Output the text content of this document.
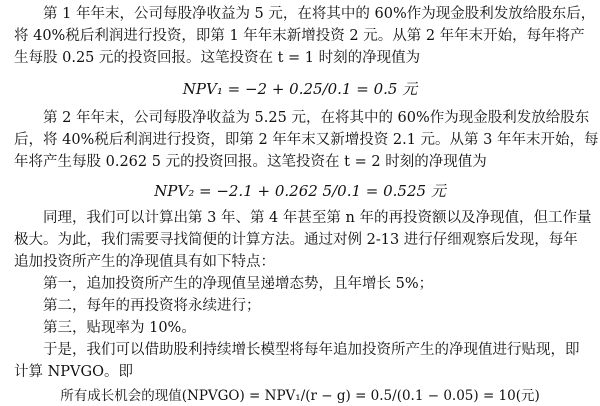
第 1 年年末，公司每股净收益为 5 元，在将其中的 60%作为现金股利发放给股东后，
将 40%税后利润进行投资，即第 1 年年末新增投资 2 元。从第 2 年年末开始，每年将产
生每股 0.25 元的投资回报。这笔投资在 t = 1 时刻的净现值为
NPV₁ = −2 + 0.25/0.1 = 0.5 元
第 2 年年末，公司每股净收益为 5.25 元，在将其中的 60%作为现金股利发放给股东
后，将 40%税后利润进行投资，即第 2 年年末又新增投资 2.1 元。从第 3 年年末开始，每
年将产生每股 0.262 5 元的投资回报。这笔投资在 t = 2 时刻的净现值为
NPV₂ = −2.1 + 0.262 5/0.1 = 0.525 元
同理，我们可以计算出第 3 年、第 4 年甚至第 n 年的再投资额以及净现值，但工作量
极大。为此，我们需要寻找简便的计算方法。通过对例 2-13 进行仔细观察后发现，每年
追加投资所产生的净现值具有如下特点：
第一，追加投资所产生的净现值呈递增态势，且年增长 5%；
第二，每年的再投资将永续进行；
第三，贴现率为 10%。
于是，我们可以借助股利持续增长模型将每年追加投资所产生的净现值进行贴现，即
计算 NPVGO。即
所有成长机会的现值(NPVGO) = NPV₁/(r − g) = 0.5/(0.1 − 0.05) = 10(元)
